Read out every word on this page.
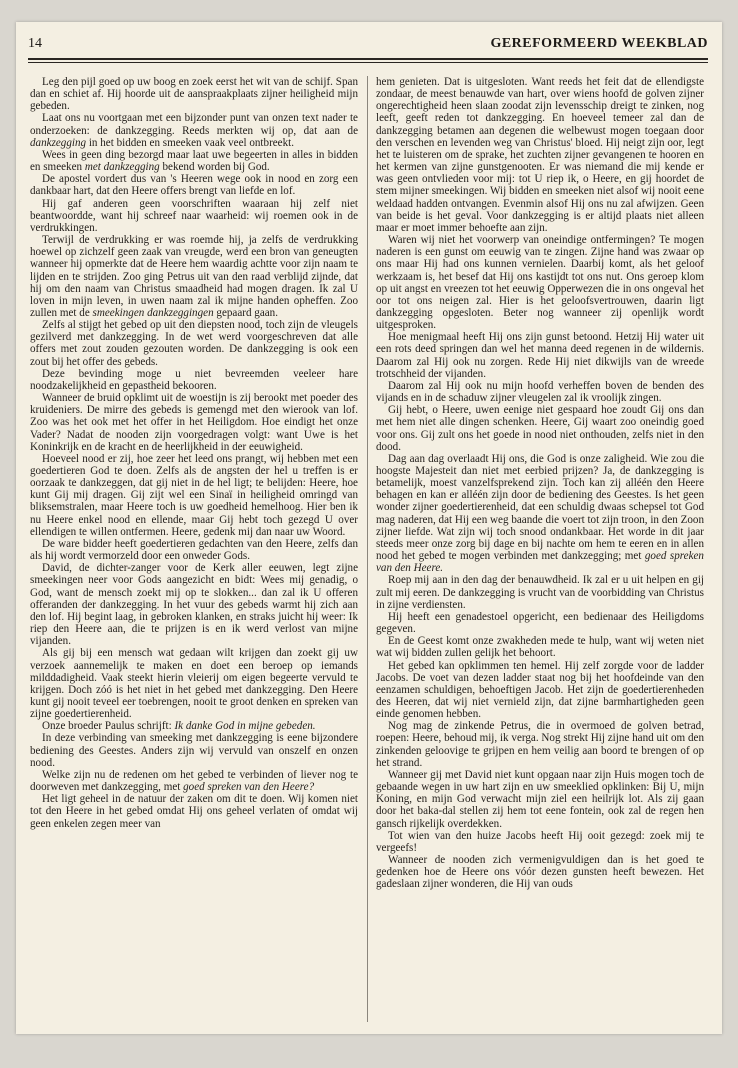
14	GEREFORMEERD WEEKBLAD

Leg den pijl goed op uw boog en zoek eerst het wit van de schijf. Span dan en schiet af. Hij hoorde uit de aanspraakplaats zijner heiligheid mijn gebeden.

Laat ons nu voortgaan met een bijzonder punt van onzen text nader te onderzoeken: de dankzegging. Reeds merkten wij op, dat aan de dankzegging in het bidden en smeeken vaak veel ontbreekt.

Wees in geen ding bezorgd maar laat uwe begeerten in alles in bidden en smeeken met dankzegging bekend worden bij God.

De apostel vordert dus van 's Heeren wege ook in nood en zorg een dankbaar hart, dat den Heere offers brengt van liefde en lof.

Hij gaf anderen geen voorschriften waaraan hij zelf niet beantwoordde, want hij schreef naar waarheid: wij roemen ook in de verdrukkingen.

Terwijl de verdrukking er was roemde hij, ja zelfs de verdrukking hoewel op zichzelf geen zaak van vreugde, werd een bron van geneugten wanneer hij opmerkte dat de Heere hem waardig achtte voor zijn naam te lijden en te strijden. Zoo ging Petrus uit van den raad verblijd zijnde, dat hij om den naam van Christus smaadheid had mogen dragen. Ik zal U loven in mijn leven, in uwen naam zal ik mijne handen opheffen. Zoo zullen met de smeekingen dankzeggingen gepaard gaan.

Zelfs al stijgt het gebed op uit den diepsten nood, toch zijn de vleugels gezilverd met dankzegging. In de wet werd voorgeschreven dat alle offers met zout zouden gezouten worden. De dankzegging is ook een zout bij het offer des gebeds.

Deze bevinding moge u niet bevreemden veeleer hare noodzakelijkheid en gepastheid bekooren.

Wanneer de bruid opklimt uit de woestijn is zij berookt met poeder des kruideniers. De mirre des gebeds is gemengd met den wierook van lof. Zoo was het ook met het offer in het Heiligdom. Hoe eindigt het onze Vader? Nadat de nooden zijn voorgedragen volgt: want Uwe is het Koninkrijk en de kracht en de heerlijkheid in der eeuwigheid.

Hoeveel nood er zij, hoe zeer het leed ons prangt, wij hebben met een goedertieren God te doen. Zelfs als de angsten der hel u treffen is er oorzaak te dankzeggen, dat gij niet in de hel ligt; te belijden: Heere, hoe kunt Gij mij dragen. Gij zijt wel een Sinaï in heiligheid omringd van bliksemstralen, maar Heere toch is uw goedheid hemelhoog. Hier ben ik nu Heere enkel nood en ellende, maar Gij hebt toch gezegd U over ellendigen te willen ontfermen. Heere, gedenk mij dan naar uw Woord.

De ware bidder heeft goedertieren gedachten van den Heere, zelfs dan als hij wordt vermorzeld door een onweder Gods.

David, de dichter-zanger voor de Kerk aller eeuwen, legt zijne smeekingen neer voor Gods aangezicht en bidt: Wees mij genadig, o God, want de mensch zoekt mij op te slokken... dan zal ik U offeren offeranden der dankzegging. In het vuur des gebeds warmt hij zich aan den lof. Hij begint laag, in gebroken klanken, en straks juicht hij weer: Ik riep den Heere aan, die te prijzen is en ik werd verlost van mijne vijanden.

Als gij bij een mensch wat gedaan wilt krijgen dan zoekt gij uw verzoek aannemelijk te maken en doet een beroep op iemands milddadigheid. Vaak steekt hierin vleierij om eigen begeerte vervuld te krijgen. Doch zóó is het niet in het gebed met dankzegging. Den Heere kunt gij nooit teveel eer toebrengen, nooit te groot denken en spreken van zijne goedertierenheid.

Onze broeder Paulus schrijft: Ik danke God in mijne gebeden.

In deze verbinding van smeeking met dankzegging is eene bijzondere bediening des Geestes. Anders zijn wij vervuld van onszelf en onzen nood.

Welke zijn nu de redenen om het gebed te verbinden of liever nog te doorweven met dankzegging, met goed spreken van den Heere?

Het ligt geheel in de natuur der zaken om dit te doen. Wij komen niet tot den Heere in het gebed omdat Hij ons geheel verlaten of omdat wij geen enkelen zegen meer van

hem genieten. Dat is uitgesloten. Want reeds het feit dat de ellendigste zondaar, de meest benauwde van hart, over wiens hoofd de golven zijner ongerechtigheid heen slaan zoodat zijn levensschip dreigt te zinken, nog leeft, geeft reden tot dankzegging. En hoeveel temeer zal dan de dankzegging betamen aan degenen die welbewust mogen toegaan door den verschen en levenden weg van Christus' bloed. Hij neigt zijn oor, legt het te luisteren om de sprake, het zuchten zijner gevangenen te hooren en het kermen van zijne gunstgenooten. Er was niemand die mij kende er was geen ontvlieden voor mij: tot U riep ik, o Heere, en gij hoordet de stem mijner smeekingen. Wij bidden en smeeken niet alsof wij nooit eene weldaad hadden ontvangen. Evenmin alsof Hij ons nu zal afwijzen. Geen van beide is het geval. Voor dankzegging is er altijd plaats niet alleen maar er moet immer behoefte aan zijn.

Waren wij niet het voorwerp van oneindige ontfermingen? Te mogen naderen is een gunst om eeuwig van te zingen. Zijne hand was zwaar op ons maar Hij had ons kunnen vernielen. Daarbij komt, als het geloof werkzaam is, het besef dat Hij ons kastijdt tot ons nut. Ons geroep klom op uit angst en vreezen tot het eeuwig Opperwezen die in ons ongeval het oor tot ons neigen zal. Hier is het geloofsvertrouwen, daarin ligt dankzegging opgesloten. Beter nog wanneer zij openlijk wordt uitgesproken.

Hoe menigmaal heeft Hij ons zijn gunst betoond. Hetzij Hij water uit een rots deed springen dan wel het manna deed regenen in de wildernis. Daarom zal Hij ook nu zorgen. Rede Hij niet dikwijls van de wreede trotschheid der vijanden.

Daarom zal Hij ook nu mijn hoofd verheffen boven de benden des vijands en in de schaduw zijner vleugelen zal ik vroolijk zingen.

Gij hebt, o Heere, uwen eenige niet gespaard hoe zoudt Gij ons dan met hem niet alle dingen schenken. Heere, Gij waart zoo oneindig goed voor ons. Gij zult ons het goede in nood niet onthouden, zelfs niet in den dood.

Dag aan dag overlaadt Hij ons, die God is onze zaligheid. Wie zou die hoogste Majesteit dan niet met eerbied prijzen? Ja, de dankzegging is betamelijk, moest vanzelfsprekend zijn. Toch kan zij alléén den Heere behagen en kan er alléén zijn door de bediening des Geestes. Is het geen wonder zijner goedertierenheid, dat een schuldig dwaas schepsel tot God mag naderen, dat Hij een weg baande die voert tot zijn troon, in den Zoon zijner liefde. Wat zijn wij toch snood ondankbaar. Het worde in dit jaar steeds meer onze zorg bij dage en bij nachte om hem te eeren en in allen nood het gebed te mogen verbinden met dankzegging; met goed spreken van den Heere.

Roep mij aan in den dag der benauwdheid. Ik zal er u uit helpen en gij zult mij eeren. De dankzegging is vrucht van de voorbidding van Christus in zijne verdiensten.

Hij heeft een genadestoel opgericht, een bedienaar des Heiligdoms gegeven.

En de Geest komt onze zwakheden mede te hulp, want wij weten niet wat wij bidden zullen gelijk het behoort.

Het gebed kan opklimmen ten hemel. Hij zelf zorgde voor de ladder Jacobs. De voet van dezen ladder staat nog bij het hoofdeinde van den eenzamen schuldigen, behoeftigen Jacob. Het zijn de goedertierenheden des Heeren, dat wij niet vernield zijn, dat zijne barmhartigheden geen einde genomen hebben.

Nog mag de zinkende Petrus, die in overmoed de golven betrad, roepen: Heere, behoud mij, ik verga. Nog strekt Hij zijne hand uit om den zinkenden geloovige te grijpen en hem veilig aan boord te brengen of op het strand.

Wanneer gij met David niet kunt opgaan naar zijn Huis mogen toch de gebaande wegen in uw hart zijn en uw smeeklied opklinken: Bij U, mijn Koning, en mijn God verwacht mijn ziel een heilrijk lot. Als zij gaan door het baka-dal stellen zij hem tot eene fontein, ook zal de regen hen gansch rijkelijk overdekken.

Tot wien van den huize Jacobs heeft Hij ooit gezegd: zoek mij te vergeefs!

Wanneer de nooden zich vermenigvuldigen dan is het goed te gedenken hoe de Heere ons vóór dezen gunsten heeft bewezen. Het gadeslaan zijner wonderen, die Hij van ouds
